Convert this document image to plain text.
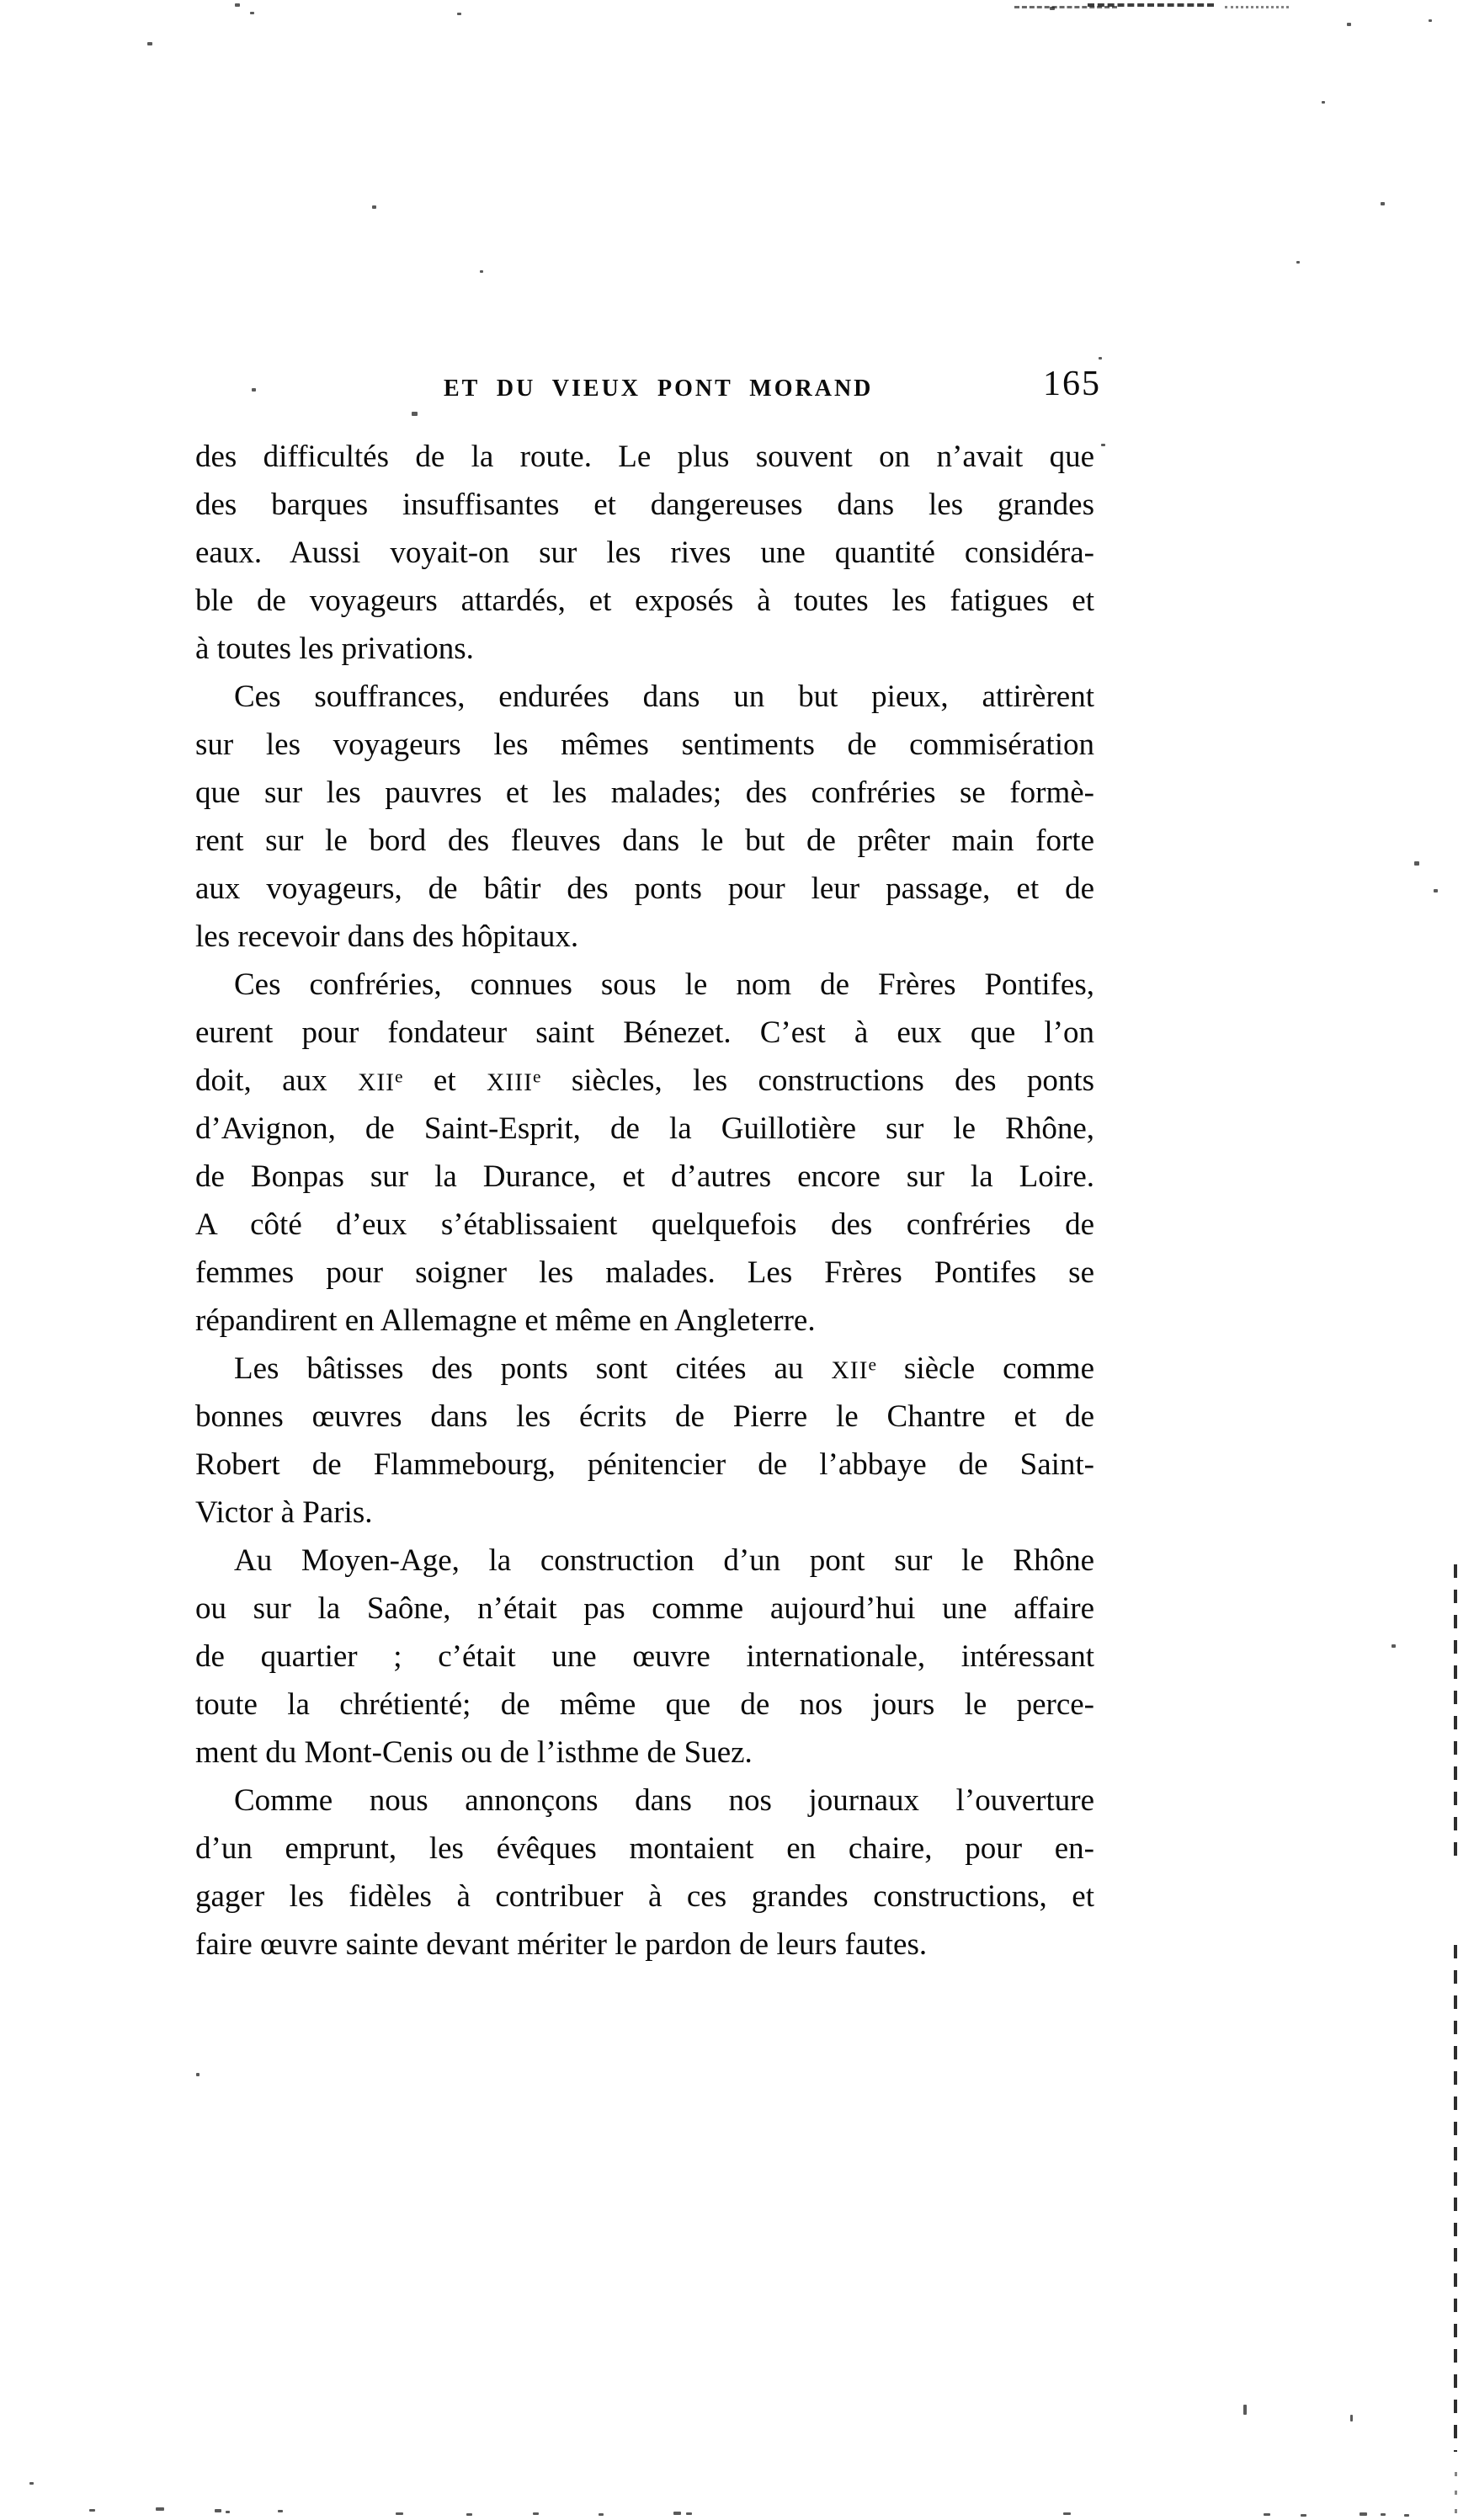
ET DU VIEUX PONT MORAND	165
des difficultés de la route. Le plus souvent on n’avait que
des barques insuffisantes et dangereuses dans les grandes
eaux. Aussi voyait-on sur les rives une quantité considéra-
ble de voyageurs attardés, et exposés à toutes les fatigues et
à toutes les privations.
Ces souffrances, endurées dans un but pieux, attirèrent
sur les voyageurs les mêmes sentiments de commisération
que sur les pauvres et les malades; des confréries se formè-
rent sur le bord des fleuves dans le but de prêter main forte
aux voyageurs, de bâtir des ponts pour leur passage, et de
les recevoir dans des hôpitaux.
Ces confréries, connues sous le nom de Frères Pontifes,
eurent pour fondateur saint Bénezet. C’est à eux que l’on
doit, aux XIIe et XIIIe siècles, les constructions des ponts
d’Avignon, de Saint-Esprit, de la Guillotière sur le Rhône,
de Bonpas sur la Durance, et d’autres encore sur la Loire.
A côté d’eux s’établissaient quelquefois des confréries de
femmes pour soigner les malades. Les Frères Pontifes se
répandirent en Allemagne et même en Angleterre.
Les bâtisses des ponts sont citées au XIIe siècle comme
bonnes œuvres dans les écrits de Pierre le Chantre et de
Robert de Flammebourg, pénitencier de l’abbaye de Saint-
Victor à Paris.
Au Moyen-Age, la construction d’un pont sur le Rhône
ou sur la Saône, n’était pas comme aujourd’hui une affaire
de quartier ; c’était une œuvre internationale, intéressant
toute la chrétienté; de même que de nos jours le perce-
ment du Mont-Cenis ou de l’isthme de Suez.
Comme nous annonçons dans nos journaux l’ouverture
d’un emprunt, les évêques montaient en chaire, pour en-
gager les fidèles à contribuer à ces grandes constructions, et
faire œuvre sainte devant mériter le pardon de leurs fautes.
